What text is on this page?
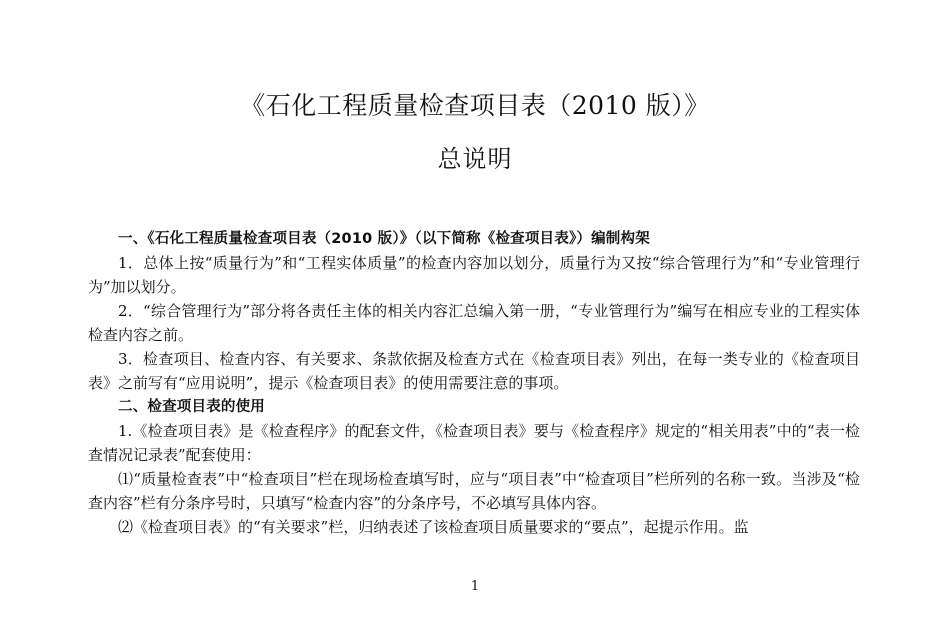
《石化工程质量检查项目表（2010 版）》
总说明

一、《石化工程质量检查项目表（2010 版）》（以下简称《检查项目表》）编制构架

1．总体上按“质量行为”和“工程实体质量”的检查内容加以划分，质量行为又按“综合管理行为”和“专业管理行为”加以划分。

2．“综合管理行为”部分将各责任主体的相关内容汇总编入第一册，“专业管理行为”编写在相应专业的工程实体检查内容之前。

3．检查项目、检查内容、有关要求、条款依据及检查方式在《检查项目表》列出，在每一类专业的《检查项目表》之前写有“应用说明”，提示《检查项目表》的使用需要注意的事项。

二、检查项目表的使用

1.《检查项目表》是《检查程序》的配套文件，《检查项目表》要与《检查程序》规定的“相关用表”中的“表一检查情况记录表”配套使用：

⑴“质量检查表”中“检查项目”栏在现场检查填写时，应与“项目表”中“检查项目”栏所列的名称一致。当涉及“检查内容”栏有分条序号时，只填写“检查内容”的分条序号，不必填写具体内容。

⑵《检查项目表》的“有关要求”栏，归纳表述了该检查项目质量要求的“要点”，起提示作用。监

1
